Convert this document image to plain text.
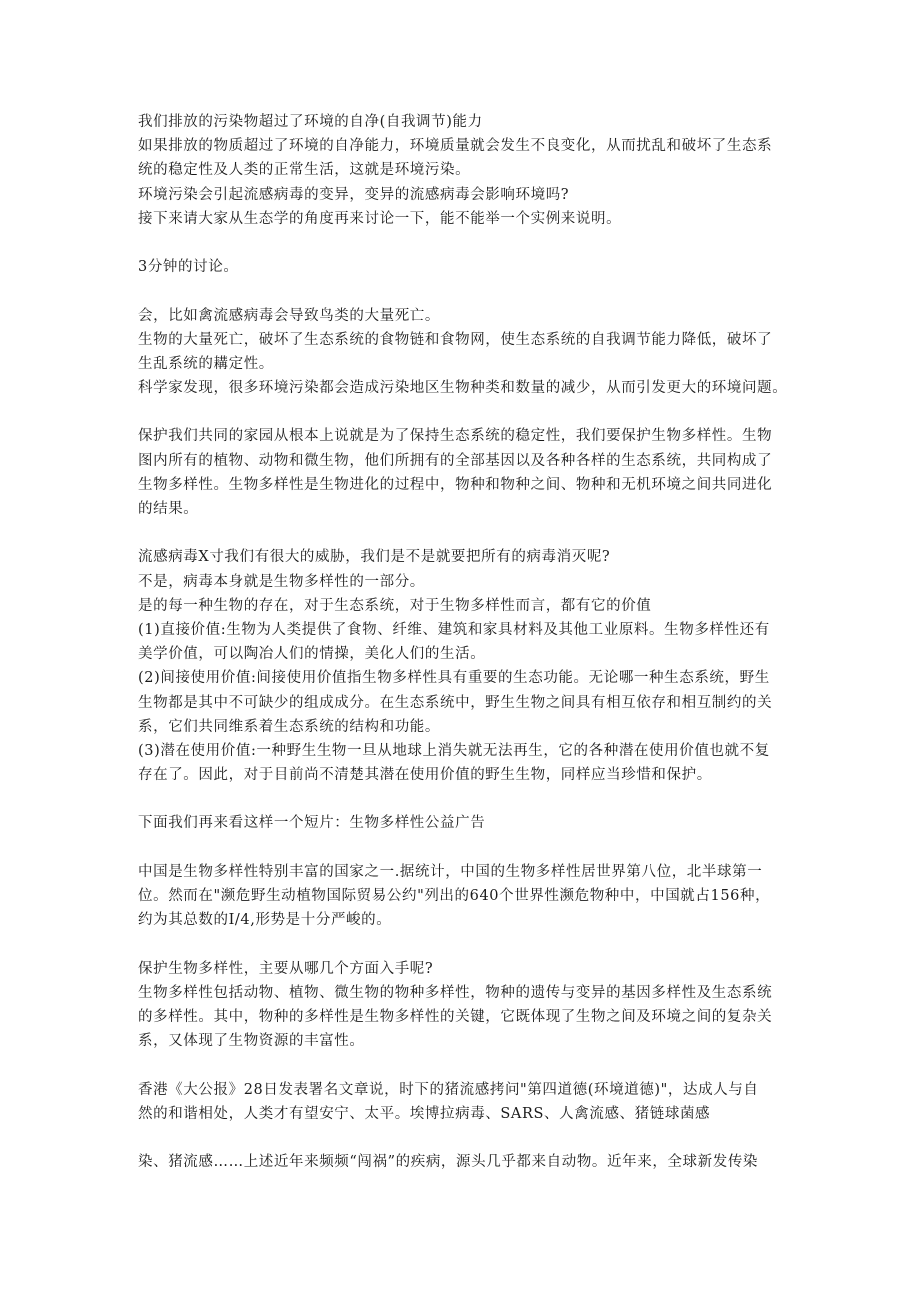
我们排放的污染物超过了环境的自净(自我调节)能力
如果排放的物质超过了环境的自净能力，环境质量就会发生不良变化，从而扰乱和破坏了生态系
统的稳定性及人类的正常生活，这就是环境污染。
环境污染会引起流感病毒的变异，变异的流感病毒会影响环境吗?
接下来请大家从生态学的角度再来讨论一下，能不能举一个实例来说明。
3分钟的讨论。
会，比如禽流感病毒会导致鸟类的大量死亡。
生物的大量死亡，破坏了生态系统的食物链和食物网，使生态系统的自我调节能力降低，破坏了
生乱系统的耩定性。
科学家发现，很多环境污染都会造成污染地区生物种类和数量的减少，从而引发更大的环境问题。
保护我们共同的家园从根本上说就是为了保持生态系统的稳定性，我们要保护生物多样性。生物
图内所有的植物、动物和微生物，他们所拥有的全部基因以及各种各样的生态系统，共同构成了
生物多样性。生物多样性是生物进化的过程中，物种和物种之间、物种和无机环境之间共同进化
的结果。
流感病毒X寸我们有很大的威胁，我们是不是就要把所有的病毒消灭呢?
不是，病毒本身就是生物多样性的一部分。
是的每一种生物的存在，对于生态系统，对于生物多样性而言，都有它的价值
(1)直接价值:生物为人类提供了食物、纤维、建筑和家具材料及其他工业原料。生物多样性还有
美学价值，可以陶冶人们的情操，美化人们的生活。
(2)间接使用价值:间接使用价值指生物多样性具有重要的生态功能。无论哪一种生态系统，野生
生物都是其中不可缺少的组成成分。在生态系统中，野生生物之间具有相互依存和相互制约的关
系，它们共同维系着生态系统的结构和功能。
(3)潜在使用价值:一种野生生物一旦从地球上消失就无法再生，它的各种潜在使用价值也就不复
存在了。因此，对于目前尚不清楚其潜在使用价值的野生生物，同样应当珍惜和保护。
下面我们再来看这样一个短片：生物多样性公益广告
中国是生物多样性特别丰富的国家之一.据统计，中国的生物多样性居世界第八位，北半球第一
位。然而在"濒危野生动植物国际贸易公约"列出的640个世界性濒危物种中，中国就占156种，
约为其总数的I/4,形势是十分严峻的。
保护生物多样性，主要从哪几个方面入手呢?
生物多样性包括动物、植物、微生物的物种多样性，物种的遗传与变异的基因多样性及生态系统
的多样性。其中，物种的多样性是生物多样性的关键，它既体现了生物之间及环境之间的复杂关
系，又体现了生物资源的丰富性。
香港《大公报》28日发表署名文章说，时下的猪流感拷问"第四道德(环境道德)"，达成人与自
然的和谐相处，人类才有望安宁、太平。埃博拉病毒、SARS、人禽流感、猪链球菌感
染、猪流感……上述近年来频频“闯祸”的疾病，源头几乎都来自动物。近年来，全球新发传染
